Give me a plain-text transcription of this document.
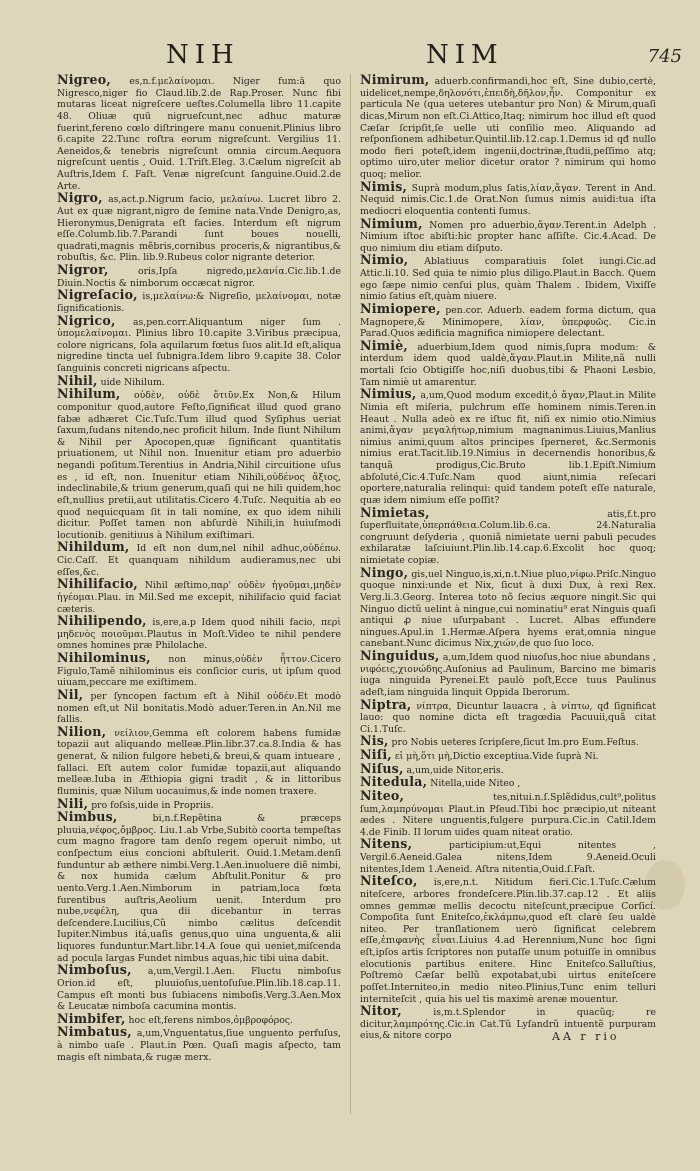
NIH	NIM	745

Nigreo, es,n.f.μελαίνομαι. Niger fum:ā quo Nigresco,niger fio Claud.lib.2.de Rap.Proser. Nunc fibi mutaras liceat nigreſcere ueſtes.Columella libro 11.capite 48. Oliuæ quū nigrueſcunt,nec adhuc maturæ fuerint,fereno cœlo diſtringere manu conuenit.Plinius libro 6.capite 22.Tunc roſtra eorum nigreſcunt. Vergilius 11. Aeneidos,& tenebris nigreſcunt omnia circum.Aequora nigreſcunt uentis , Ouid. 1.Triſt.Eleg. 3.Cælum nigreſcit ab Auſtris,Idem ſ. Faſt. Venæ nigreſcunt ſanguine.Ouid.2.de Arte.

Nigro, as,act.p.Nigrum facio, μελαίνω. Lucret libro 2. Aut ex quæ nigrant,nigro de ſemine nata.Vnde Denigro,as, Hieronymus,Denigrata eſt facies. Interdum eſt nigrum eſſe.Columb.lib.7.Parandi ſunt boues nouelli, quadrati,magnis mẽbris,cornibus proceris,& nigrantibus,& robuſtis, &c. Plin. lib.9.Rubeus color nigrante deterior.

Nigror,	oris,Ipſa nigredo,μελανία.Cic.lib.1.de Diuin.Noctis & nimborum occæcat nigror.

Nigreſacio, is,μελαίνω:& Nigreſio, μελαίνομαι, notæ ſignificationis.

Nigrico, as,pen.corr.Aliquantum niger ſum . ὑπομελαίνομαι. Plinius libro 10.capite 3.Viribus præcipua, colore nigricans, ſola aquilarum fœtus ſuos alit.Id eſt,aliqua nigredine tincta uel ſubnigra.Idem libro 9.capite 38. Color ſanguinis concreti nigricans aſpectu.

Nihil, uide Nihilum.

Nihilum, οὐδὲν, οὐδὲ ὅτιῦν.Ex Non,& Hilum componitur quod,autore Feſto,ſignificat illud quod grano fabæ adhæret Cic.Tuſc.Tum illud quod Syſiphus ueriat ſaxum,ſudans nitendo,nec proficit hilum. Inde ſiunt Nihilum & Nihil per Apocopen,quæ ſignificant quantitatis priuationem, ut Nihil non. Inuenitur etiam pro aduerbio negandi poſitum.Terentius in Andria,Nihil circuitione uſus es , id eſt, non. Inuenitur etiam Nihili,οὐδένος ἄξιος, indeclinabile,& trium generum,quaſi qui ne hili quidem,hoc eſt,nullius pretii,aut utilitatis.Cicero 4.Tuſc. Nequitia ab eo quod nequicquam ſit in tali nomine, ex quo idem nihili dicitur. Poſſet tamen non abſurdè Nihili,in huiuſmodi locutionib. genitiuus à Nihilum exiſtimari.

Nihildum, Id eſt non dum,nel nihil adhuc,οὐδέπω. Cic.Caſſ. Et quanquam nihildum audieramus,nec ubi eſſes,&c.

Nihilifacio, Nihil æſtimo,παρ' οὐδὲν ἡγοῦμαι,μηδὲν ἡγέομαι.Plau. in Mil.Sed me excepit, nihilifacio quid faciat cæteris.

Nihilipendo, is,ere,a.p Idem quod nihili facio, περὶ μηδενὸς ποιοῦμαι.Plautus in Moſt.Video te nihil pendere omnes homines præ Philolache.

Nihilominus, non minus,οὐδὲν ἧττον.Cicero Figulo,Tamẽ nihilominus eis conſicior curis, ut ipſum quod uiuam,peccare me exiſtimem.

Nil, per ſyncopen factum eſt à Nihil οὐδέν.Et modò nomen eſt,ut Nil bonitatis.Modò aduer.Teren.in An.Nil me fallis.

Nilion, νείλιον,Gemma eſt colorem habens fumidæ topazii aut aliquando melleæ.Plin.libr.37.ca.8.India & has generat, & nilion fulgore hebeti,& breui,& quam intueare , fallaci. Eſt autem color fumidæ topazii,aut aliquando melleæ.Iuba in Æthiopia gigni tradit , & in littoribus fluminis, quæ Nilum uocauimus,& inde nomen traxere.

Nili, pro foſsis,uide in Propriis.

Nimbus,	bi,n.f.Repẽtina & præceps pluuia,νέφος,ὄμβρος. Liu.1.ab Vrbe,Subitò coorta tempeſtas cum magno fragore tam denſo regem operuit nimbo, ut conſpectum eius concioni abſtulerit. Ouid.1.Metam.denſi funduntur ab æthere nimbi.Verg.1.Aen.inuoluere diẽ nimbi, & nox humida cælum Abſtulit.Ponitur & pro uento.Verg.1.Aen.Nimborum in patriam,loca fœta furentibus auſtris,Aeolium uenit. Interdum pro nube,νεφέλη, qua dii dicebantur in terras deſcendere.Lucilius,Cũ nimbo cælitus deſcendit Iupiter.Nimbus itá,uaſis genus,quo uina unguenta,& alii liquores funduntur.Mart.libr.14.A ſoue qui ueniet,miſcenda ad pocula largas Fundet nimbus aquas,hic tibi uina dabit.

Nimboſus, a,um,Vergil.1.Aen. Fluctu nimboſus Orion.id eſt, pluuioſus,uentoſuſue.Plin.lib.18.cap.11. Campus eſt monti bus ſubiacens nimboſis.Verg.3.Aen.Mox & Leucatæ nimboſa cacumina montis.

Nimbifer, hoc eſt,ferens nimbos,ὀμβροφόρος.

Nimbatus, a,um,Vnguentatus,ſiue unguento perfuſus, à nimbo uaſe . Plaut.in Pœn. Quaſi magis aſpecto, tam magis eſt nimbata,& rugæ merx.

Nimirum, aduerb.confirmandi,hoc eſt, Sine dubio,certè, uidelicet,nempe,δηλονότι,ἐπειδὴ,δῆλον,ἦν. Componitur ex particula Ne (qua ueteres utebantur pro Non) & Mirum,quaſi dicas,Mirum non eſt.Ci.Attico,Itaq; nimirum hoc illud eſt quod Cæſar ſcripſit,ſe uelle uti conſilio meo. Aliquando ad reſponſionem adhibetur.Quintil.lib.12.cap.1.Demus id qđ nullo modo fieri poteſt,idem ingenii,doctrinæ,ſtudii,peſſimo atq; optimo uiro,uter melior dicetur orator ? nimirum qui homo quoq; melior.

Nimis, Suprà modum,plus ſatis,λίαν,ἄγαν. Terent in And. Nequid nimis.Cic.1.de Orat.Non ſumus nimis auidi:tua iſta mediocri eloquentia contenti ſumus.

Nimium, Nomen pro aduerbio,ἄγαν.Terent.in Adelph . Nimium iſtoc abiſti:hic propter hanc aſſiſte. Cic.4.Acad. De quo nimium diu etiam diſputo.

Nimio, Ablatiuus comparatiuis ſolet iungi.Cic.ad Attic.li.10. Sed quia te nimio plus diligo.Plaut.in Bacch. Quem ego ſæpe nimio cenſui plus, quàm Thalem . Ibidem, Vixiſſe nimio ſatius eſt,quàm niuere.

Nimiopere, pen.cor. Aduerb. eadem forma dictum, qua Magnopere,& Minimopere, λίαν, ὑπερφυῶς. Cic.in Parad.Quos ædificia magnifica nimiopere delectant.

Nimiè, aduerbium,Idem quod nimis,ſupra modum: & interdum idem quod ualdè,ἄγαν.Plaut.in Milite,nã nulli mortali ſcio Obtigiſſe hoc,niſi duobus,tibi & Phaoni Lesbio, Tam nimiè ut amarentur.

Nimius, a,um,Quod modum excedit,ὁ ἄγαν,Plaut.in Milite Nimia eſt miſeria, pulchrum eſſe hominem nimis.Teren.in Heaut . Nulla adeò ex re iſtuc fit, niſi ex nimio otio.Nimius animi,ἄγαν μεγαλήτωρ,nimium magnanimus.Liuius,Manlius nimius animi,quum altos principes ſperneret, &c.Sermonis nimius erat.Tacit.lib.19.Nimius in decernendis honoribus,& tanquã prodigus,Cic.Bruto lib.1.Epiſt.Nimium abſoluté,Cic.4.Tuſc.Nam quod aiunt,nimia reſecari oportere,naturalia relinqui: quid tandem poteſt eſſe naturale, quæ idem nimium eſſe poſſit?

Nimietas,	atis,f.t.pro ſuperfluitate,ὑπερπάθεια.Colum.lib.6.ca. 24.Naturalia congruunt deſyderia , quoniã nimietate uerni pabuli pecudes exhilaratæ laſciuiunt.Plin.lib.14.cap.6.Excolit hoc quoq; nimietate copiæ.

Ningo, gis,uel Ninguo,is,xi,n.t.Niue pluo,νίφω.Priſc.Ninguo quoque ninxi:unde et Nix, ſicut à duxi Dux, à rexi Rex. Verg.li.3.Georg. Interea toto nõ ſecius æquore ningit.Sic qui Ninguo dictũ uelint à ningue,cui nominatiu⁹ erat Ninguis quaſi antiqui ꝓ niue uſurpabant . Lucret. Albas effundere ningues.Apul.in 1.Hermæ.Aſpera hyems erat,omnia ningue canebant.Nunc dicimus Nix,χιών,de quo ſuo loco.

Ninguidus, a,um,Idem quod niuoſus,hoc niue abundans , νιφόεις,χιονώδης.Auſonius ad Paulinum, Barcino me bimaris iuga ninguida Pyrenei.Et paulò poſt,Ecce tuus Paulinus adeſt,iam ninguida linquit Oppida Iberorum.

Niptra, νίπτρα, Dicuntur lauacra , à νίπτω, qđ ſignificat lauo: quo nomine dicta eſt tragœdia Pacuuii,quã citat Ci.1.Tuſc.

Nis, pro Nobis ueteres ſcripſere,ſicut Im.pro Eum.Feſtus.

Niſi, εἰ μὴ,ὅτι μὴ,Dictio exceptiua.Vide ſuprà Ni.

Niſus, a,um,uide Nitor,eris.

Nitedula, Nitella,uide Niteo ,

Niteo,	tes,nitui.n.ſ.Splẽdidus,cult⁹,politus ſum,λαμπρύνομαι Plaut.in Pſeud.Tibi hoc præcipio,ut niteant ædes . Nitere unguentis,fulgere purpura.Cic.in Catil.Idem 4.de Finib. II lorum uides quam niteat oratio.

Nitens,	participium:ut,Equi nitentes , Vergil.6.Aeneid.Galea nitens,Idem 9.Aeneid.Oculi nitentes,Idem 1.Aeneid. Aſtra nitentia,Ouid.ſ.Faſt.

Niteſco, is,ere,n.t. Nitidum fieri.Cic.1.Tuſc.Cælum niteſcere, arbores frondeſcere.Plin.lib.37.cap.12 . Et aliis omnes gemmæ mellis decoctu niteſcunt,præcipue Corſicí. Compoſita ſunt Eniteſco,ἐκλάμπω,quod eſt clarè ſeu ualdè niteo. Per tranſlationem uerò ſignificat celebrem eſſe,ἐπιφανὴς εἶναι.Liuius 4.ad Herennium,Nunc hoc ſigni eſt,ipſos artis ſcriptores non putaſſe unum potuiſſe in omnibus elocutionis partibus enitere. Hinc Eniteſco.Salluſtius, Poſtremò Cæſar bellũ expotabat,ubi uirtus eniteſcere poſſet.Interniteo,in medio niteo.Plinius,Tunc enim telluri interniteſcit , quia his uel tis maximè arenæ mouentur.

Nitor,	is,m.t.Splendor in quacũq; re dicitur,λαμπρότης.Cic.in Cat.Tũ Lyſandrũ intuentẽ purpuram eius,& nitore corpo	AA r rio
